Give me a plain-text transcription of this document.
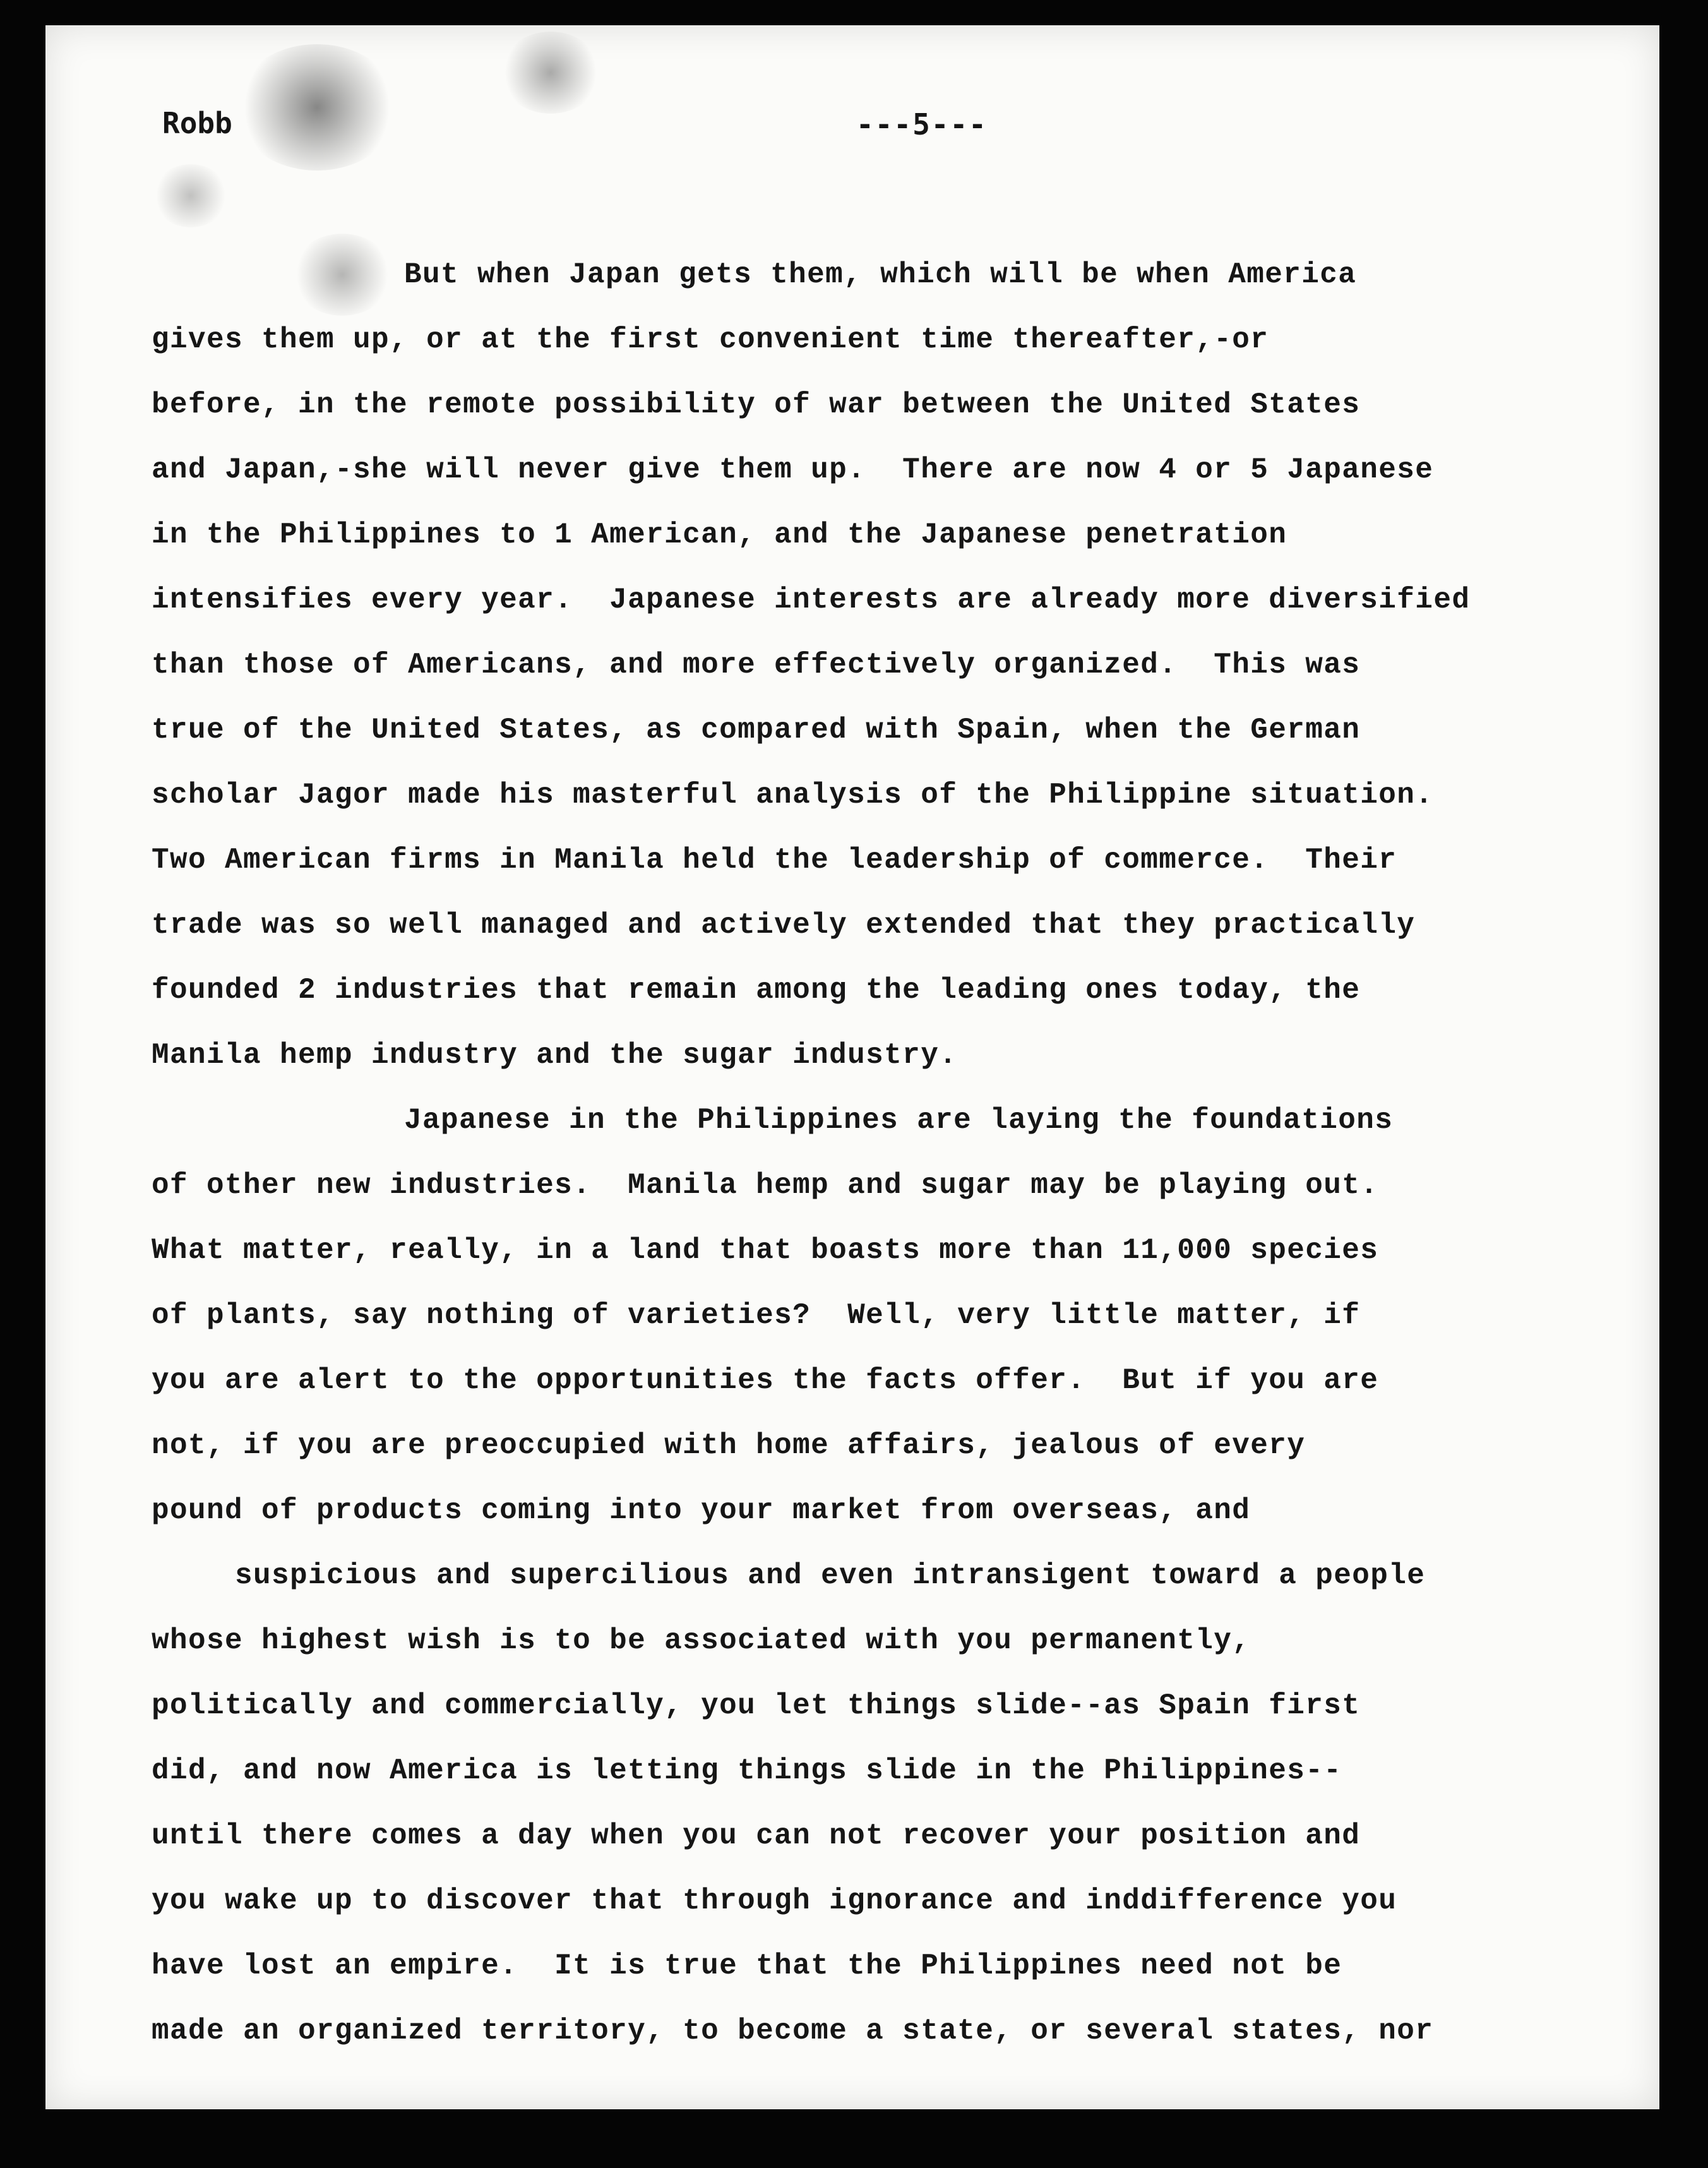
Robb	---5---
But when Japan gets them, which will be when America
gives them up, or at the first convenient time thereafter,-or
before, in the remote possibility of war between the United States
and Japan,-she will never give them up.  There are now 4 or 5 Japanese
in the Philippines to 1 American, and the Japanese penetration
intensifies every year.  Japanese interests are already more diversified
than those of Americans, and more effectively organized.  This was
true of the United States, as compared with Spain, when the German
scholar Jagor made his masterful analysis of the Philippine situation.
Two American firms in Manila held the leadership of commerce.  Their
trade was so well managed and actively extended that they practically
founded 2 industries that remain among the leading ones today, the
Manila hemp industry and the sugar industry.
Japanese in the Philippines are laying the foundations
of other new industries.  Manila hemp and sugar may be playing out.
What matter, really, in a land that boasts more than 11,000 species
of plants, say nothing of varieties?  Well, very little matter, if
you are alert to the opportunities the facts offer.  But if you are
not, if you are preoccupied with home affairs, jealous of every
pound of products coming into your market from overseas, and
suspicious and supercilious and even intransigent toward a people
whose highest wish is to be associated with you permanently,
politically and commercially, you let things slide--as Spain first
did, and now America is letting things slide in the Philippines--
until there comes a day when you can not recover your position and
you wake up to discover that through ignorance and inddifference you
have lost an empire.  It is true that the Philippines need not be
made an organized territory, to become a state, or several states, nor
